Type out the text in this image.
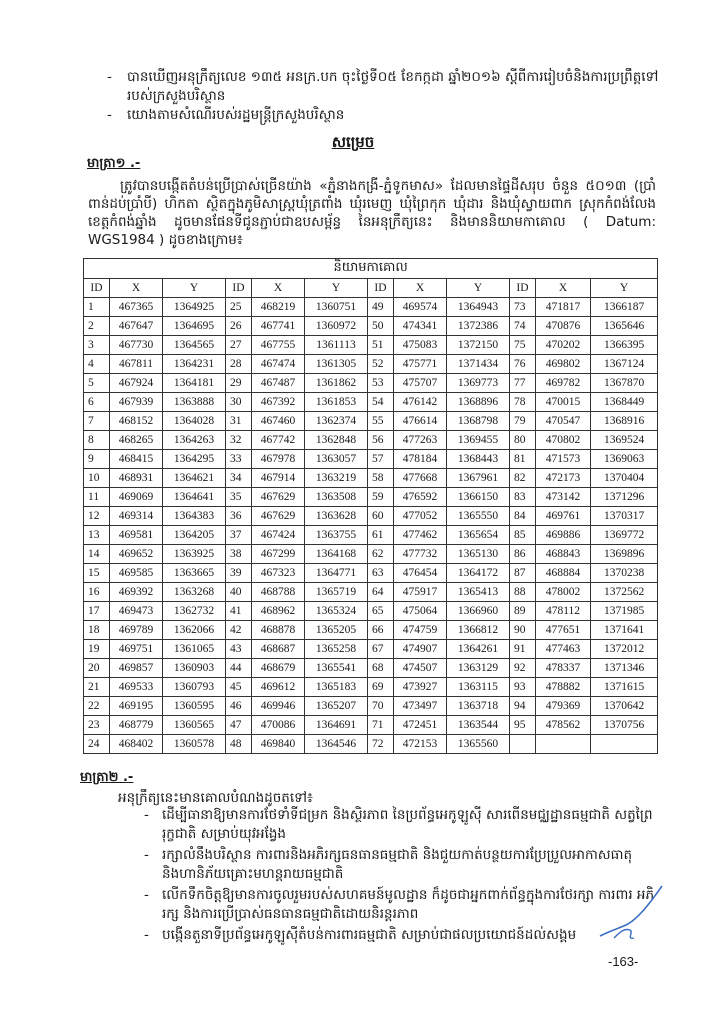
- បានឃើញអនុក្រឹត្យលេខ ១៣៥ អនក្រ.បក ចុះថ្ងៃទី០៥ ខែកក្កដា ឆ្នាំ២០១៦ ស្តីពីការរៀបចំនិងការប្រព្រឹត្តទៅរបស់ក្រសួងបរិស្ថាន
- យោងតាមសំណើរបស់រដ្ឋមន្ត្រីក្រសួងបរិស្ថាន
សម្រេច
មាត្រា១ .-
ត្រូវបានបង្កើតតំបន់ប្រើប្រាស់ច្រើនយ៉ាង «ភ្នំនាងកង្រី-ភ្នំទូកមាស» ដែលមានផ្ទៃដីសរុប ចំនួន ៥០១៣ (ប្រាំពាន់ដប់ប្រាំបី) ហិកតា ស្ថិតក្នុងភូមិសាស្ត្រឃុំត្រពាំង ឃុំរមេញ ឃុំព្រៃកុក ឃុំដារ និងឃុំស្វាយពាក ស្រុកកំពង់លែង ខេត្តកំពង់ឆ្នាំង ដូចមានផែនទីជូនភ្ជាប់ជាឧបសម្ព័ន្ធ នៃអនុក្រឹត្យនេះ និងមាននិយាមកាគោល ( Datum: WGS1984 ) ដូចខាងក្រោម៖
និយាមកាគោល											
ID	X	Y	ID	X	Y	ID	X	Y	ID	X	Y
1	467365	1364925	25	468219	1360751	49	469574	1364943	73	471817	1366187
2	467647	1364695	26	467741	1360972	50	474341	1372386	74	470876	1365646
3	467730	1364565	27	467755	1361113	51	475083	1372150	75	470202	1366395
4	467811	1364231	28	467474	1361305	52	475771	1371434	76	469802	1367124
5	467924	1364181	29	467487	1361862	53	475707	1369773	77	469782	1367870
6	467939	1363888	30	467392	1361853	54	476142	1368896	78	470015	1368449
7	468152	1364028	31	467460	1362374	55	476614	1368798	79	470547	1368916
8	468265	1364263	32	467742	1362848	56	477263	1369455	80	470802	1369524
9	468415	1364295	33	467978	1363057	57	478184	1368443	81	471573	1369063
10	468931	1364621	34	467914	1363219	58	477668	1367961	82	472173	1370404
11	469069	1364641	35	467629	1363508	59	476592	1366150	83	473142	1371296
12	469314	1364383	36	467629	1363628	60	477052	1365550	84	469761	1370317
13	469581	1364205	37	467424	1363755	61	477462	1365654	85	469886	1369772
14	469652	1363925	38	467299	1364168	62	477732	1365130	86	468843	1369896
15	469585	1363665	39	467323	1364771	63	476454	1364172	87	468884	1370238
16	469392	1363268	40	468788	1365719	64	475917	1365413	88	478002	1372562
17	469473	1362732	41	468962	1365324	65	475064	1366960	89	478112	1371985
18	469789	1362066	42	468878	1365205	66	474759	1366812	90	477651	1371641
19	469751	1361065	43	468687	1365258	67	474907	1364261	91	477463	1372012
20	469857	1360903	44	468679	1365541	68	474507	1363129	92	478337	1371346
21	469533	1360793	45	469612	1365183	69	473927	1363115	93	478882	1371615
22	469195	1360595	46	469946	1365207	70	473497	1363718	94	479369	1370642
23	468779	1360565	47	470086	1364691	71	472451	1363544	95	478562	1370756
24	468402	1360578	48	469840	1364546	72	472153	1365560			
មាត្រា២ .-
អនុក្រឹត្យនេះមានគោលបំណងដូចតទៅ៖
- ដើម្បីធានាឱ្យមានការថែទាំទីជម្រក និងស្ថិរភាព នៃប្រព័ន្ធអេកូឡូស៊ី សារពើនមជ្ឈដ្ឋានធម្មជាតិ សត្វព្រៃ រុក្ខជាតិ សម្រាប់យុវអង្វែង
- រក្សាលំនឹងបរិស្ថាន ការពារនិងអភិរក្សធនធានធម្មជាតិ និងជួយកាត់បន្ថយការប្រែប្រួលអាកាសធាតុ និងហានិភ័យគ្រោះមហន្តរាយធម្មជាតិ
- លើកទឹកចិត្តឱ្យមានការចូលរួមរបស់សហគមន៍មូលដ្ឋាន ក៏ដូចជាអ្នកពាក់ព័ន្ធក្នុងការថែរក្សា ការពារ អភិរក្ស និងការប្រើប្រាស់ធនធានធម្មជាតិដោយនិរន្តរភាព
- បង្កើនតួនាទីប្រព័ន្ធអេកូឡូស៊ីតំបន់ការពារធម្មជាតិ សម្រាប់ជាផលប្រយោជន៍ដល់សង្គម
-163-
